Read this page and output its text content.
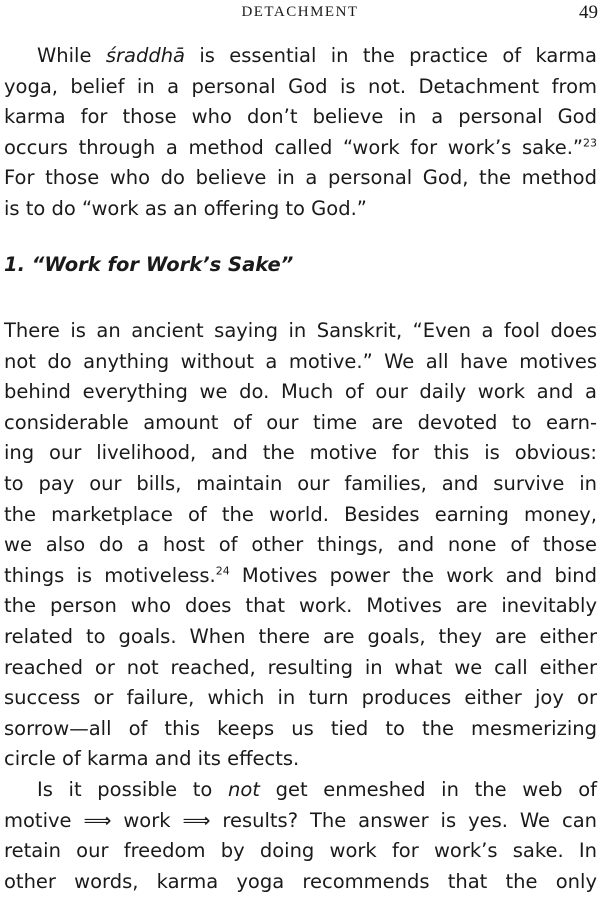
DETACHMENT	49

While śraddhā is essential in the practice of karma

yoga, belief in a personal God is not. Detachment from
karma for those who don’t believe in a personal God
occurs through a method called “work for work’s sake.”$^{23}$
For those who do believe in a personal God, the method
is to do “work as an offering to God.”

1. “Work for Work’s Sake”

There is an ancient saying in Sanskrit, “Even a fool does
not do anything without a motive.” We all have motives
behind everything we do. Much of our daily work and a
considerable amount of our time are devoted to earn-
ing our livelihood, and the motive for this is obvious:
to pay our bills, maintain our families, and survive in
the marketplace of the world. Besides earning money,
we also do a host of other things, and none of those
things is motiveless.$^{24}$ Motives power the work and bind
the person who does that work. Motives are inevitably
related to goals. When there are goals, they are either
reached or not reached, resulting in what we call either
success or failure, which in turn produces either joy or
sorrow—all of this keeps us tied to the mesmerizing
circle of karma and its effects.

Is it possible to not get enmeshed in the web of

motive ⟹ work ⟹ results? The answer is yes. We can
retain our freedom by doing work for work’s sake. In
other words, karma yoga recommends that the only
